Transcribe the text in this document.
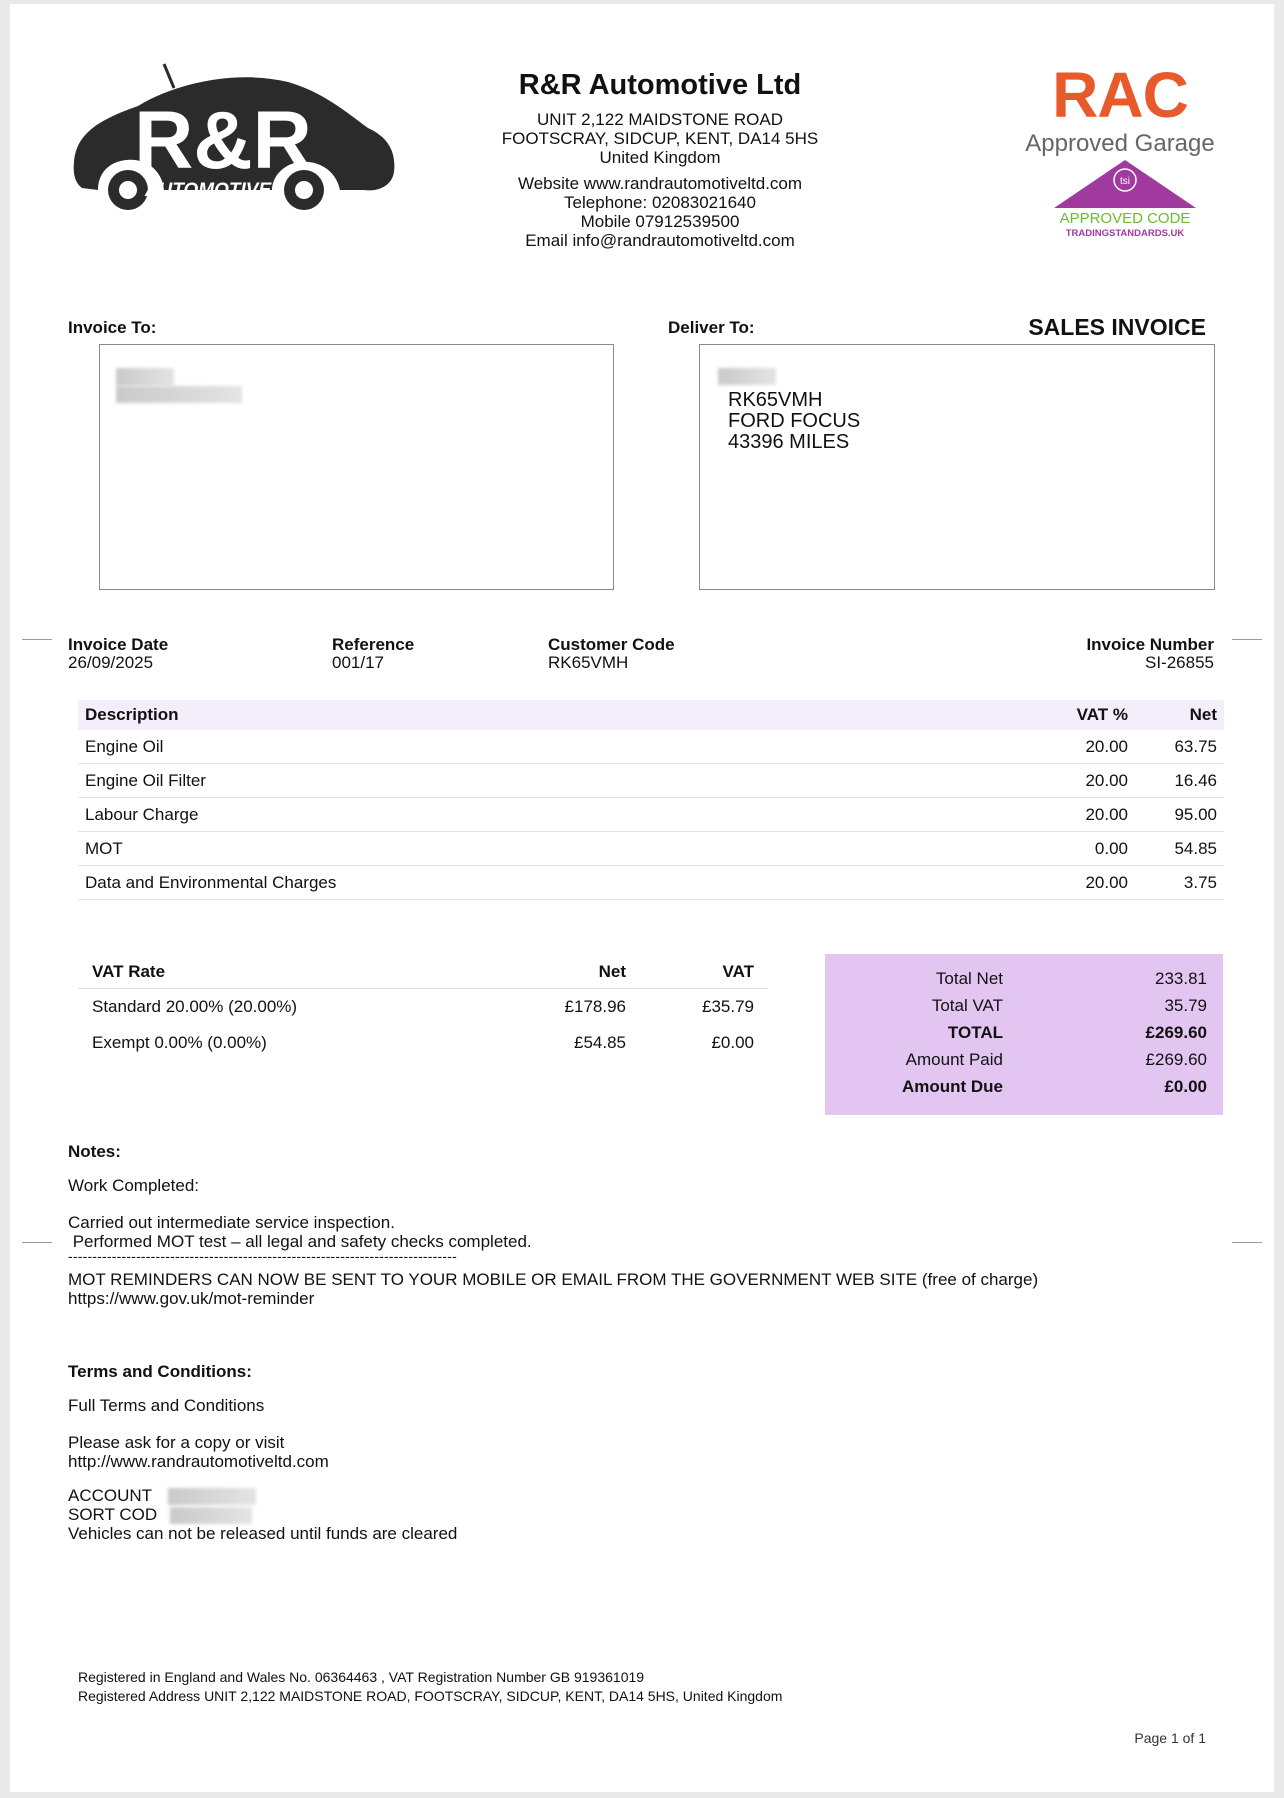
R&R
AUTOMOTIVE	LTD
R&R Automotive Ltd
UNIT 2,122 MAIDSTONE ROAD
FOOTSCRAY, SIDCUP, KENT, DA14 5HS
United Kingdom
Website www.randrautomotiveltd.com
Telephone: 02083021640
Mobile 07912539500
Email info@randrautomotiveltd.com
RAC
Approved Garage
tsi
APPROVED CODE
TRADINGSTANDARDS.UK
Invoice To:	Deliver To:	SALES INVOICE
RK65VMH
FORD FOCUS
43396 MILES
Invoice Date
26/09/2025
Reference
001/17
Customer Code
RK65VMH
Invoice Number
SI-26855
Description	VAT %	Net
Engine Oil	20.00	63.75
Engine Oil Filter	20.00	16.46
Labour Charge	20.00	95.00
MOT	0.00	54.85
Data and Environmental Charges	20.00	3.75
VAT Rate	Net	VAT
Standard 20.00% (20.00%)	£178.96	£35.79
Exempt 0.00% (0.00%)	£54.85	£0.00
Total Net	233.81
Total VAT	35.79
TOTAL	£269.60
Amount Paid	£269.60
Amount Due	£0.00
Notes:
Work Completed:
Carried out intermediate service inspection.
Performed MOT test – all legal and safety checks completed.
--------------------------------------------------------------------------------
MOT REMINDERS CAN NOW BE SENT TO YOUR MOBILE OR EMAIL FROM THE GOVERNMENT WEB SITE (free of charge)
https://www.gov.uk/mot-reminder
Terms and Conditions:
Full Terms and Conditions
Please ask for a copy or visit
http://www.randrautomotiveltd.com
ACCOUNT
SORT COD
Vehicles can not be released until funds are cleared
Registered in England and Wales No. 06364463 , VAT Registration Number GB 919361019
Registered Address UNIT 2,122 MAIDSTONE ROAD, FOOTSCRAY, SIDCUP, KENT, DA14 5HS, United Kingdom
Page 1 of 1
